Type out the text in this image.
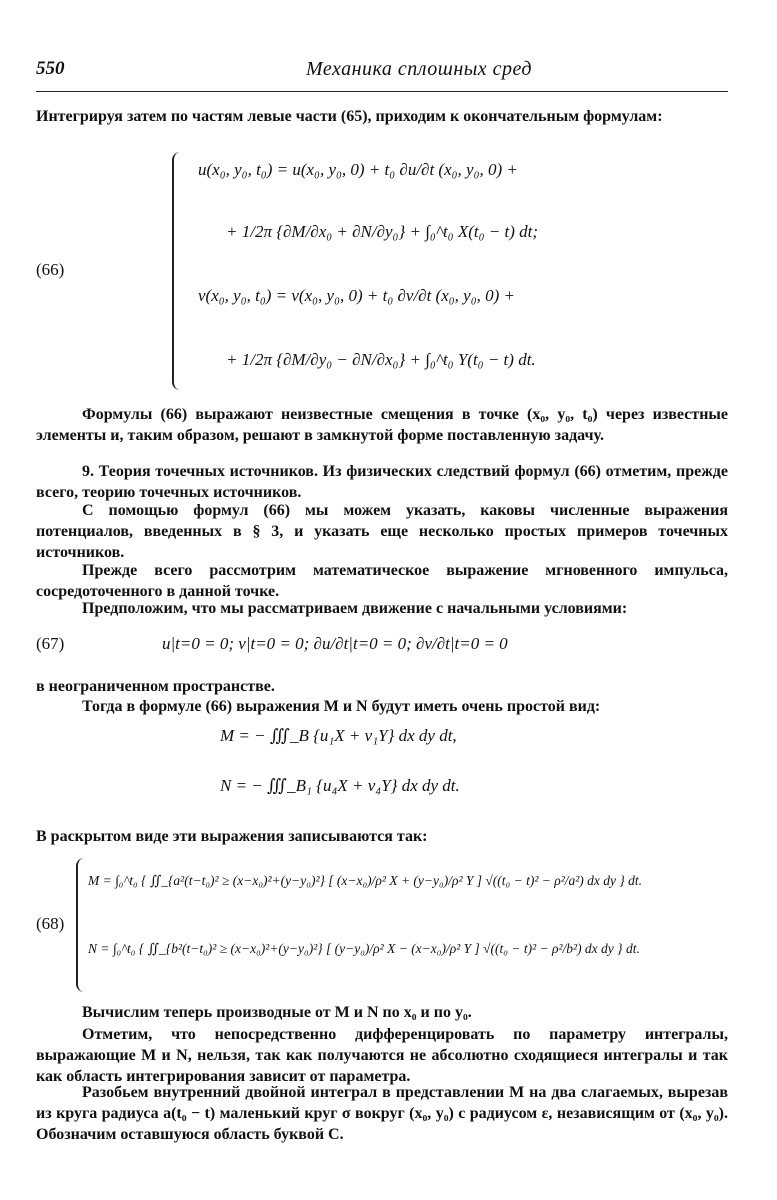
550	Механика сплошных сред
Интегрируя затем по частям левые части (65), приходим к окончательным формулам:
(66)
u(x₀, y₀, t₀) = u(x₀, y₀, 0) + t₀ ∂u/∂t (x₀, y₀, 0) +
+ 1/2π {∂M/∂x₀ + ∂N/∂y₀} + ∫₀^t₀ X(t₀ − t) dt;
v(x₀, y₀, t₀) = v(x₀, y₀, 0) + t₀ ∂v/∂t (x₀, y₀, 0) +
+ 1/2π {∂M/∂y₀ − ∂N/∂x₀} + ∫₀^t₀ Y(t₀ − t) dt.
Формулы (66) выражают неизвестные смещения в точке (x₀, y₀, t₀) через известные элементы и, таким образом, решают в замкнутой форме поставленную задачу.
9. Теория точечных источников. Из физических следствий формул (66) отметим, прежде всего, теорию точечных источников.
С помощью формул (66) мы можем указать, каковы численные выражения потенциалов, введенных в § 3, и указать еще несколько простых примеров точечных источников.
Прежде всего рассмотрим математическое выражение мгновенного импульса, сосредоточенного в данной точке.
Предположим, что мы рассматриваем движение с начальными условиями:
(67)	u|t=0 = 0; v|t=0 = 0; ∂u/∂t|t=0 = 0; ∂v/∂t|t=0 = 0
в неограниченном пространстве.
Тогда в формуле (66) выражения M и N будут иметь очень простой вид:
M = − ∭_B {u₁X + v₁Y} dx dy dt,
N = − ∭_B₁ {u₄X + v₄Y} dx dy dt.
В раскрытом виде эти выражения записываются так:
(68)
M = ∫₀^t₀ { ∬_{a²(t−t₀)² ≥ (x−x₀)²+(y−y₀)²} [ (x−x₀)/ρ² X + (y−y₀)/ρ² Y ] √((t₀ − t)² − ρ²/a²) dx dy } dt.
N = ∫₀^t₀ { ∬_{b²(t−t₀)² ≥ (x−x₀)²+(y−y₀)²} [ (y−y₀)/ρ² X − (x−x₀)/ρ² Y ] √((t₀ − t)² − ρ²/b²) dx dy } dt.
Вычислим теперь производные от M и N по x₀ и по y₀.
Отметим, что непосредственно дифференцировать по параметру интегралы, выражающие M и N, нельзя, так как получаются не абсолютно сходящиеся интегралы и так как область интегрирования зависит от параметра.
Разобьем внутренний двойной интеграл в представлении M на два слагаемых, вырезав из круга радиуса a(t₀ − t) маленький круг σ вокруг (x₀, y₀) с радиусом ε, независящим от (x₀, y₀). Обозначим оставшуюся область буквой C.
